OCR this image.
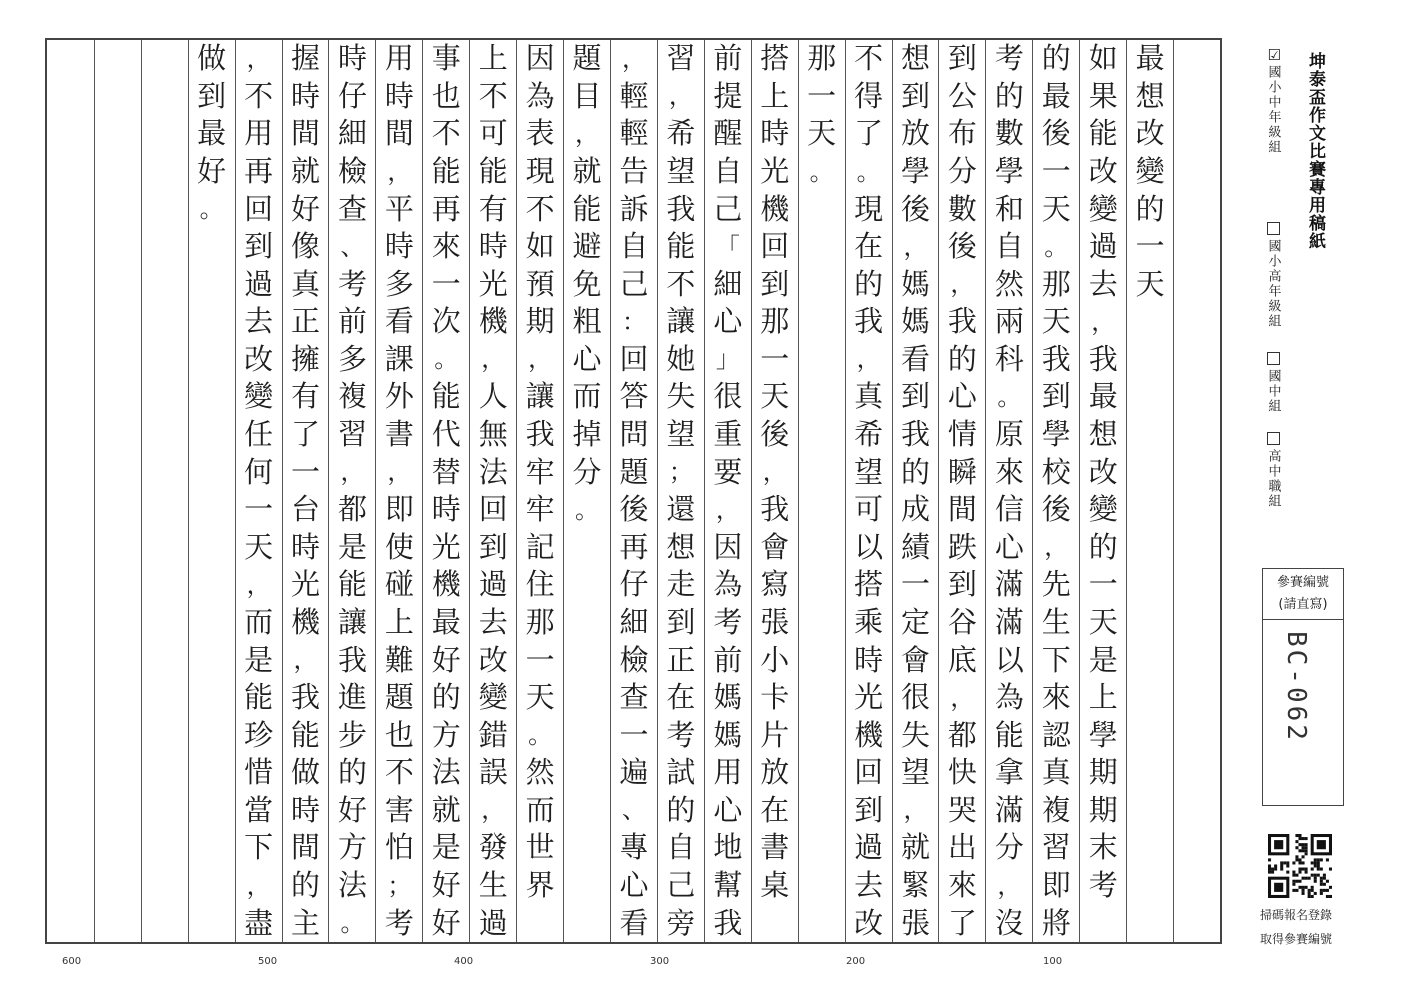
最
想
改
變
的
一
天
如
果
能
改
變
過
去
，
我
最
想
改
變
的
一
天
是
上
學
期
期
末
考
的
最
後
一
天
。
那
天
我
到
學
校
後
，
先
生
下
來
認
真
複
習
即
將
考
的
數
學
和
自
然
兩
科
。
原
來
信
心
滿
滿
以
為
能
拿
滿
分
，
沒
到
公
布
分
數
後
，
我
的
心
情
瞬
間
跌
到
谷
底
，
都
快
哭
出
來
了
想
到
放
學
後
，
媽
媽
看
到
我
的
成
績
一
定
會
很
失
望
，
就
緊
張
不
得
了
。
現
在
的
我
，
真
希
望
可
以
搭
乘
時
光
機
回
到
過
去
改
那
一
天
。
搭
上
時
光
機
回
到
那
一
天
後
，
我
會
寫
張
小
卡
片
放
在
書
桌
前
提
醒
自
己
「
細
心
」
很
重
要
，
因
為
考
前
媽
媽
用
心
地
幫
我
習
，
希
望
我
能
不
讓
她
失
望
；
還
想
走
到
正
在
考
試
的
自
己
旁
，
輕
輕
告
訴
自
己
：
回
答
問
題
後
再
仔
細
檢
查
一
遍
、
專
心
看
題
目
，
就
能
避
免
粗
心
而
掉
分
。
因
為
表
現
不
如
預
期
，
讓
我
牢
牢
記
住
那
一
天
。
然
而
世
界
上
不
可
能
有
時
光
機
，
人
無
法
回
到
過
去
改
變
錯
誤
，
發
生
過
事
也
不
能
再
來
一
次
。
能
代
替
時
光
機
最
好
的
方
法
就
是
好
好
用
時
間
，
平
時
多
看
課
外
書
，
即
使
碰
上
難
題
也
不
害
怕
；
考
時
仔
細
檢
查
、
考
前
多
複
習
，
都
是
能
讓
我
進
步
的
好
方
法
。
握
時
間
就
好
像
真
正
擁
有
了
一
台
時
光
機
，
我
能
做
時
間
的
主
，
不
用
再
回
到
過
去
改
變
任
何
一
天
，
而
是
能
珍
惜
當
下
，
盡
做
到
最
好
。
600	500	400	300	200	100
坤泰盃作文比賽專用稿紙
☑
國小中年級組
國小高年級組
國中組
高中職組
參賽編號
(請直寫)
BC-062
掃碼報名登錄
取得參賽編號
